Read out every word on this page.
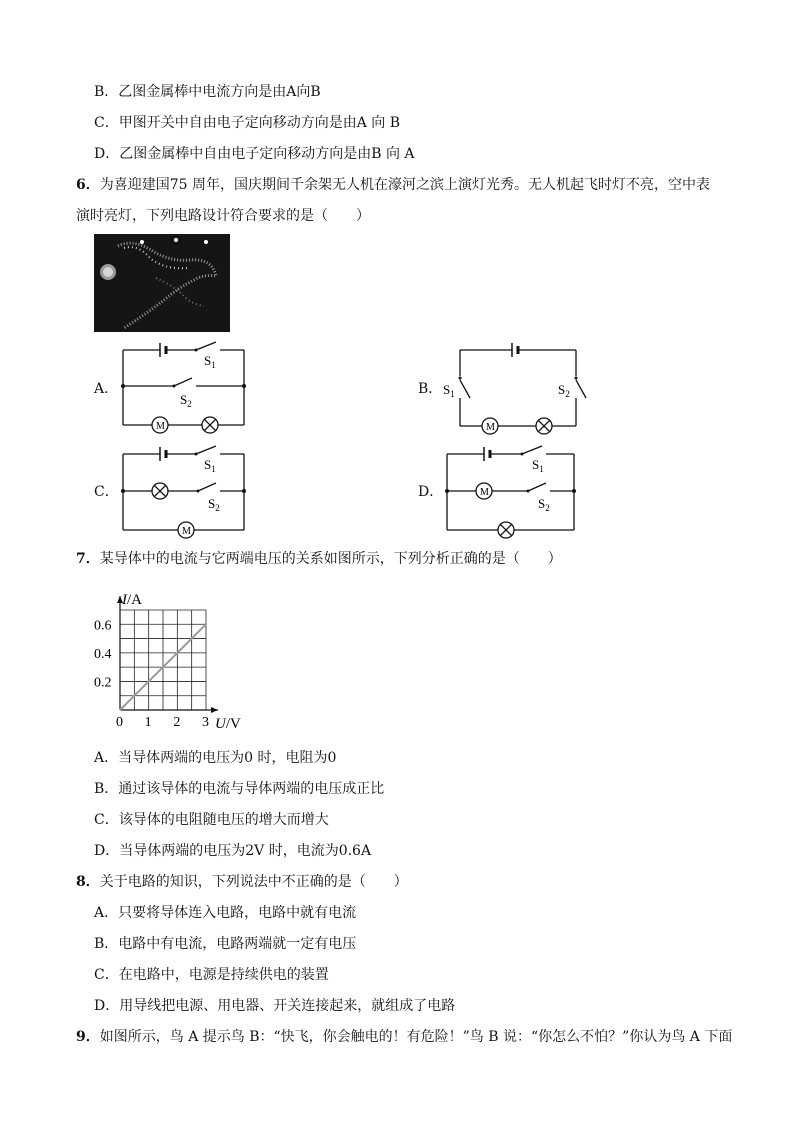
B．乙图金属棒中电流方向是由A向B
C．甲图开关中自由电子定向移动方向是由A 向 B
D．乙图金属棒中自由电子定向移动方向是由B 向 A
6．为喜迎建国75 周年，国庆期间千余架无人机在濠河之滨上演灯光秀。无人机起飞时灯不亮，空中表
演时亮灯，下列电路设计符合要求的是（　　）
A．	B．
C．	D．
M
$S_1$
$S_2$
M
$S_1$	$S_2$
M
$S_1$
$S_2$
M
$S_1$
$S_2$
7．某导体中的电流与它两端电压的关系如图所示，下列分析正确的是（　　）
0 1 2 3
0.2
0.4
0.6
I/A
U/V
A．当导体两端的电压为0 时，电阻为0
B．通过该导体的电流与导体两端的电压成正比
C．该导体的电阻随电压的增大而增大
D．当导体两端的电压为2V 时，电流为0.6A
8．关于电路的知识，下列说法中不正确的是（　　）
A．只要将导体连入电路，电路中就有电流
B．电路中有电流，电路两端就一定有电压
C．在电路中，电源是持续供电的装置
D．用导线把电源、用电器、开关连接起来，就组成了电路
9．如图所示，鸟 A 提示鸟 B：“快飞，你会触电的！有危险！”鸟 B 说：“你怎么不怕？”你认为鸟 A 下面
